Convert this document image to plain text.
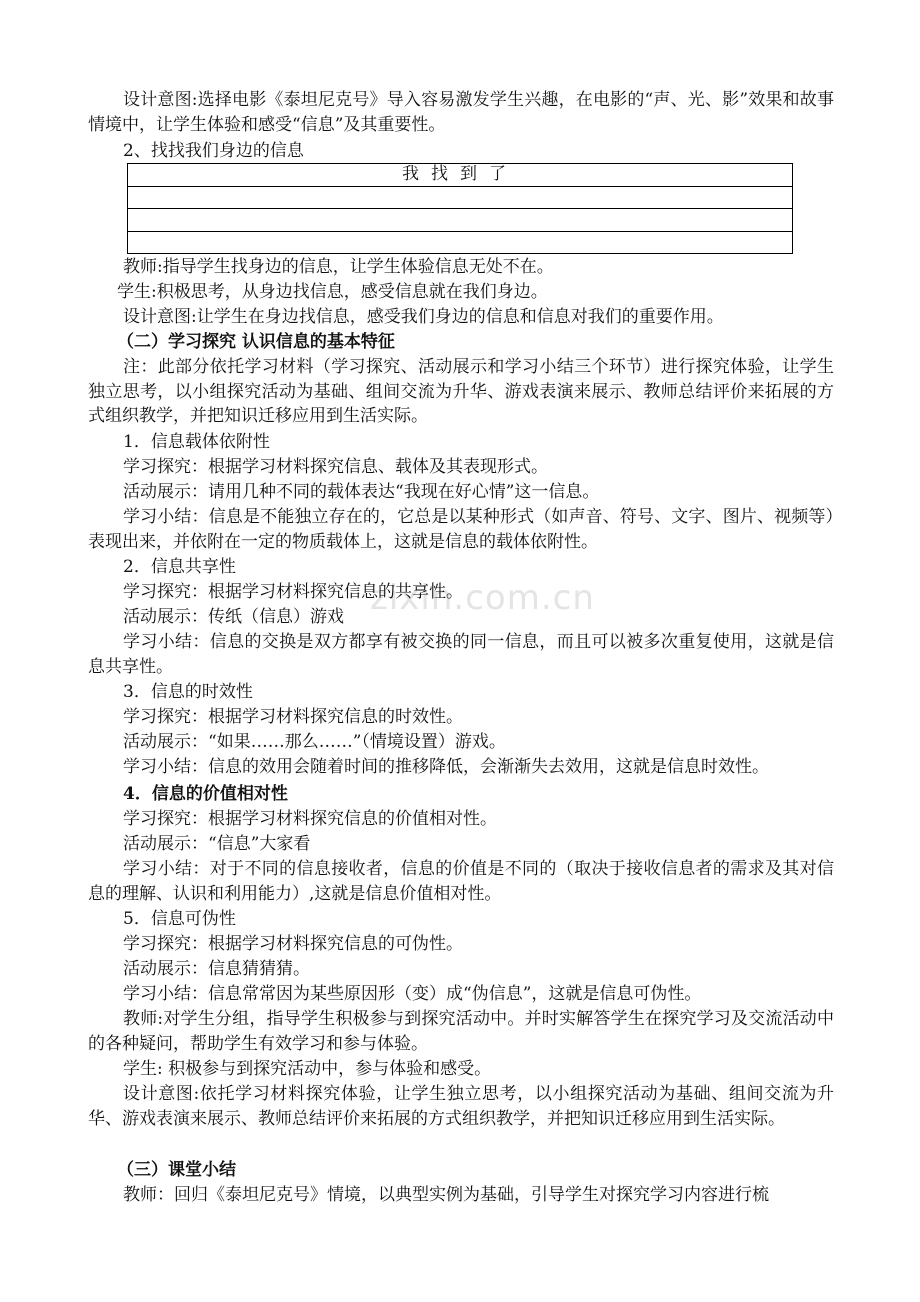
设计意图:选择电影《泰坦尼克号》导入容易激发学生兴趣，在电影的“声、光、影”效果和故事情境中，让学生体验和感受“信息”及其重要性。

2、找找我们身边的信息

我找到了

教师:指导学生找身边的信息，让学生体验信息无处不在。

学生:积极思考，从身边找信息，感受信息就在我们身边。

设计意图:让学生在身边找信息，感受我们身边的信息和信息对我们的重要作用。

（二）学习探究 认识信息的基本特征

注：此部分依托学习材料（学习探究、活动展示和学习小结三个环节）进行探究体验，让学生独立思考，以小组探究活动为基础、组间交流为升华、游戏表演来展示、教师总结评价来拓展的方式组织教学，并把知识迁移应用到生活实际。

1．信息载体依附性

学习探究：根据学习材料探究信息、载体及其表现形式。

活动展示：请用几种不同的载体表达“我现在好心情”这一信息。

学习小结：信息是不能独立存在的，它总是以某种形式（如声音、符号、文字、图片、视频等）表现出来，并依附在一定的物质载体上，这就是信息的载体依附性。

zixin.com.cn

2．信息共享性

学习探究：根据学习材料探究信息的共享性。

活动展示：传纸（信息）游戏

学习小结：信息的交换是双方都享有被交换的同一信息，而且可以被多次重复使用，这就是信息共享性。

3．信息的时效性

学习探究：根据学习材料探究信息的时效性。

活动展示：“如果……那么……”（情境设置）游戏。

学习小结：信息的效用会随着时间的推移降低，会渐渐失去效用，这就是信息时效性。

4．信息的价值相对性

学习探究：根据学习材料探究信息的价值相对性。

活动展示：“信息”大家看

学习小结：对于不同的信息接收者，信息的价值是不同的（取决于接收信息者的需求及其对信息的理解、认识和利用能力）,这就是信息价值相对性。

5．信息可伪性

学习探究：根据学习材料探究信息的可伪性。

活动展示：信息猜猜猜。

学习小结：信息常常因为某些原因形（变）成“伪信息”，这就是信息可伪性。

教师:对学生分组，指导学生积极参与到探究活动中。并时实解答学生在探究学习及交流活动中的各种疑问，帮助学生有效学习和参与体验。

学生: 积极参与到探究活动中，参与体验和感受。

设计意图:依托学习材料探究体验，让学生独立思考，以小组探究活动为基础、组间交流为升华、游戏表演来展示、教师总结评价来拓展的方式组织教学，并把知识迁移应用到生活实际。

（三）课堂小结

教师：回归《泰坦尼克号》情境，以典型实例为基础，引导学生对探究学习内容进行梳
